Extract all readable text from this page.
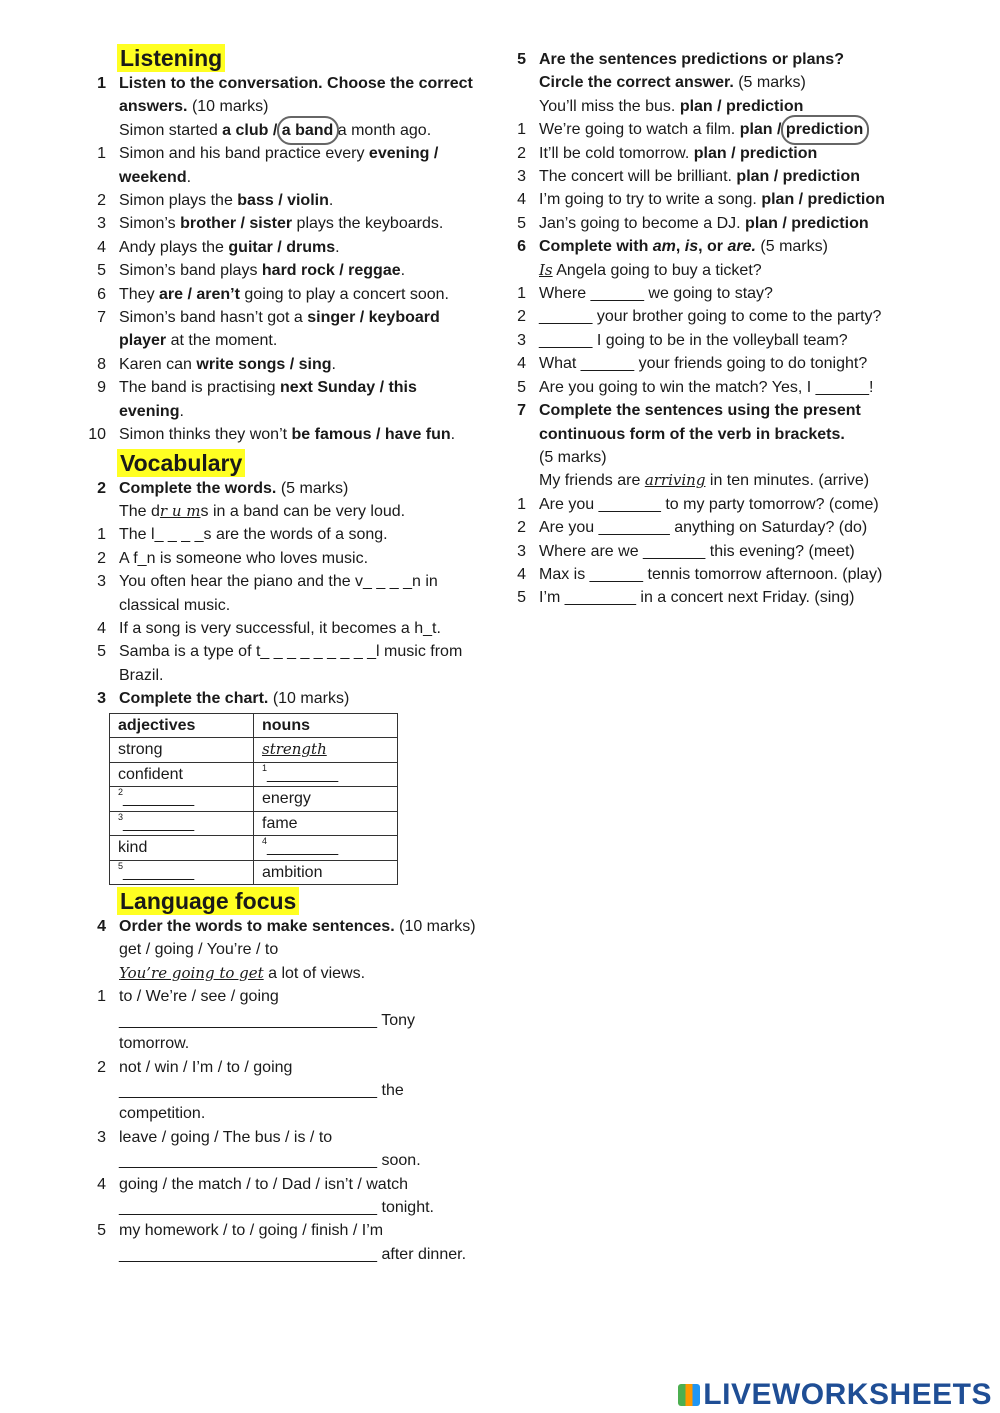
Listening
1 Listen to the conversation. Choose the correct answers. (10 marks)
Simon started a club / a band a month ago.
1 Simon and his band practice every evening / weekend.
2 Simon plays the bass / violin.
3 Simon’s brother / sister plays the keyboards.
4 Andy plays the guitar / drums.
5 Simon’s band plays hard rock / reggae.
6 They are / aren’t going to play a concert soon.
7 Simon’s band hasn’t got a singer / keyboard player at the moment.
8 Karen can write songs / sing.
9 The band is practising next Sunday / this evening.
10 Simon thinks they won’t be famous / have fun.
Vocabulary
2 Complete the words. (5 marks)
The dr u ms in a band can be very loud.
1 The l_ _ _ _s are the words of a song.
2 A f_n is someone who loves music.
3 You often hear the piano and the v_ _ _ _n in classical music.
4 If a song is very successful, it becomes a h_t.
5 Samba is a type of t_ _ _ _ _ _ _ _ _l music from Brazil.
3 Complete the chart. (10 marks)
adjectives	nouns
strong	strength
confident	$^1$________
$^2$________	energy
$^3$________	fame
kind	$^4$________
$^5$________	ambition
Language focus
4 Order the words to make sentences. (10 marks)
get / going / You’re / to
You’re going to get a lot of views.
1 to / We’re / see / going
_____________________________ Tony tomorrow.
2 not / win / I’m / to / going
_____________________________ the competition.
3 leave / going / The bus / is / to
_____________________________ soon.
4 going / the match / to / Dad / isn’t / watch
_____________________________ tonight.
5 my homework / to / going / finish / I’m
_____________________________ after dinner.
5 Are the sentences predictions or plans?
Circle the correct answer. (5 marks)
You’ll miss the bus. plan / prediction
1 We’re going to watch a film. plan / prediction
2 It’ll be cold tomorrow. plan / prediction
3 The concert will be brilliant. plan / prediction
4 I’m going to try to write a song. plan / prediction
5 Jan’s going to become a DJ. plan / prediction
6 Complete with am, is, or are. (5 marks)
Is Angela going to buy a ticket?
1 Where ______ we going to stay?
2 ______ your brother going to come to the party?
3 ______ I going to be in the volleyball team?
4 What ______ your friends going to do tonight?
5 Are you going to win the match? Yes, I ______!
7 Complete the sentences using the present continuous form of the verb in brackets.
(5 marks)
My friends are arriving in ten minutes. (arrive)
1 Are you _______ to my party tomorrow? (come)
2 Are you ________ anything on Saturday? (do)
3 Where are we _______ this evening? (meet)
4 Max is ______ tennis tomorrow afternoon. (play)
5 I’m ________ in a concert next Friday. (sing)
LIVEWORKSHEETS
